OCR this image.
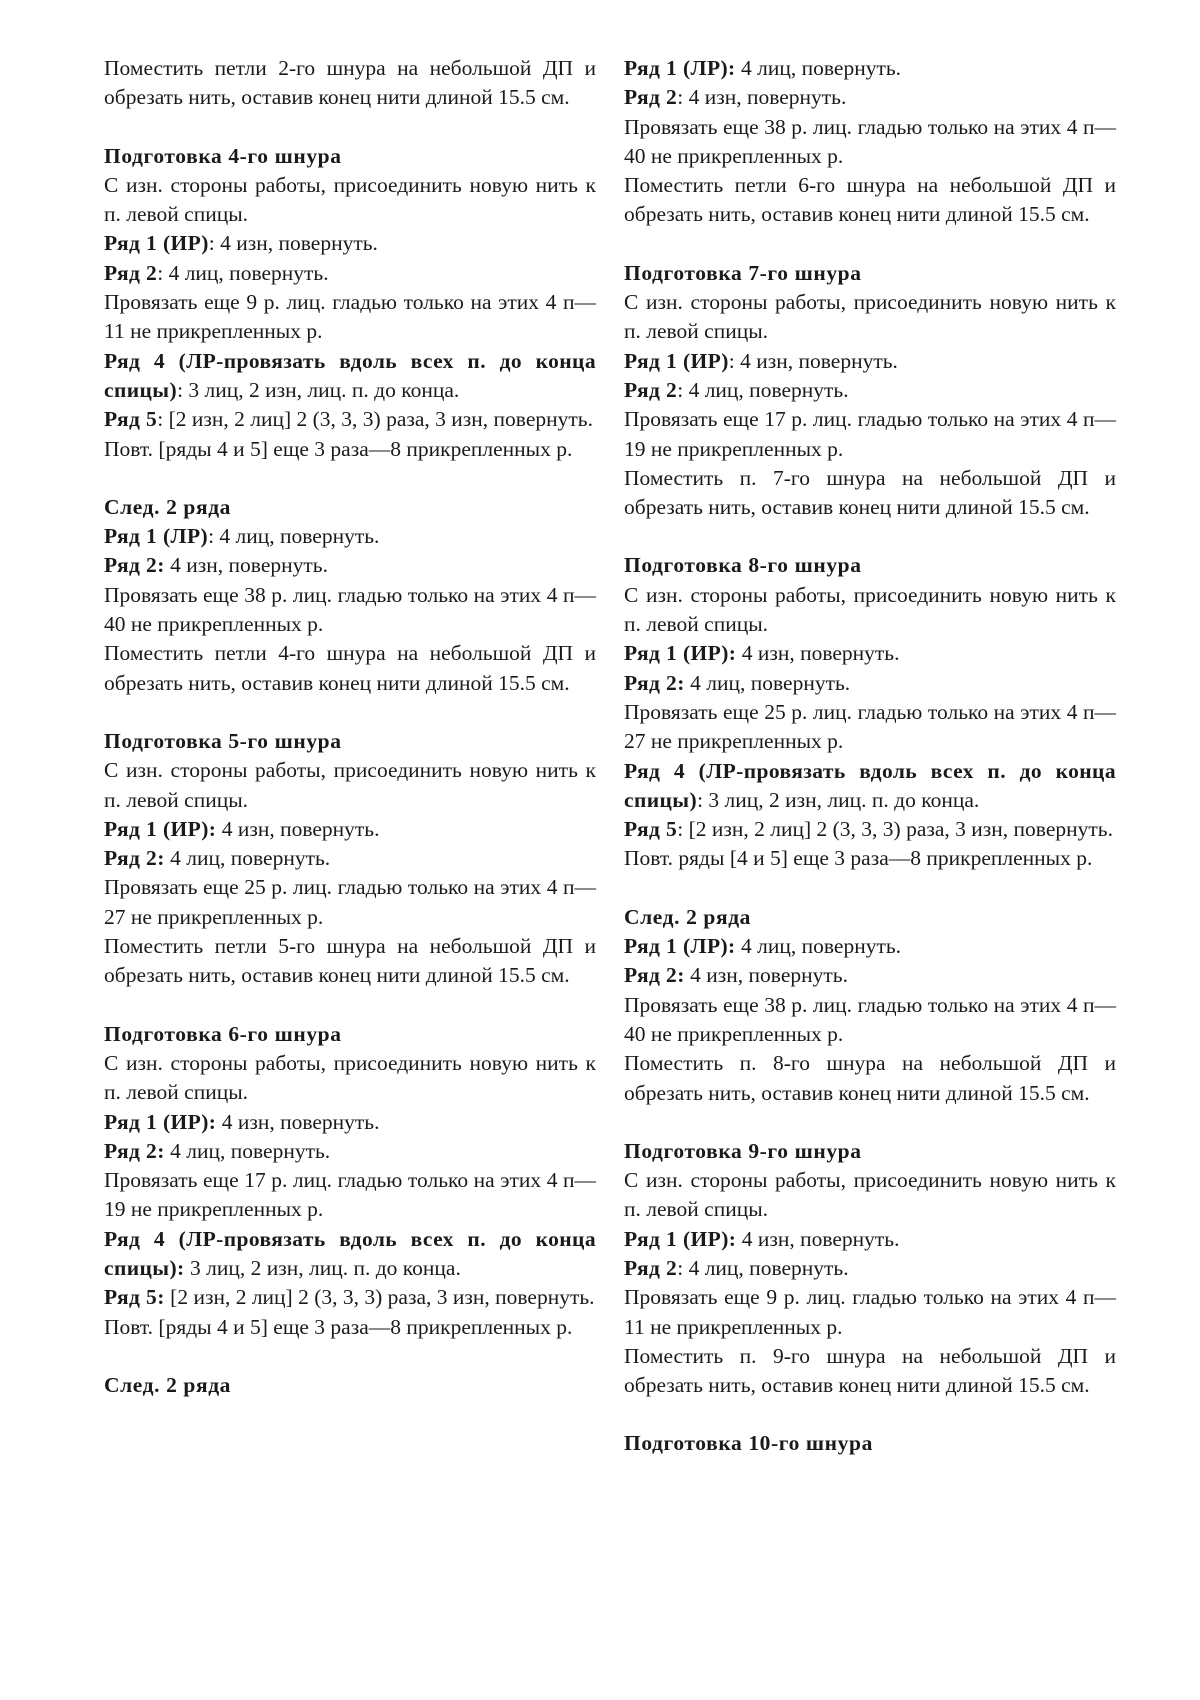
Поместить петли 2-го шнура на небольшой ДП и обрезать нить, оставив конец нити длиной 15.5 см.
Подготовка 4-го шнура
С изн. стороны работы, присоединить новую нить к п. левой спицы.
Ряд 1 (ИР): 4 изн, повернуть.
Ряд 2: 4 лиц, повернуть.
Провязать еще 9 р. лиц. гладью только на этих 4 п— 11 не прикрепленных р.
Ряд 4 (ЛР-провязать вдоль всех п. до конца спицы): 3 лиц, 2 изн, лиц. п. до конца.
Ряд 5: [2 изн, 2 лиц] 2 (3, 3, 3) раза, 3 изн, повернуть.
Повт. [ряды 4 и 5] еще 3 раза—8 прикрепленных р.
След. 2 ряда
Ряд 1 (ЛР): 4 лиц, повернуть.
Ряд 2: 4 изн, повернуть.
Провязать еще 38 р. лиц. гладью только на этих 4 п—40 не прикрепленных р.
Поместить петли 4-го шнура на небольшой ДП и обрезать нить, оставив конец нити длиной 15.5 см.
Подготовка 5-го шнура
С изн. стороны работы, присоединить новую нить к п. левой спицы.
Ряд 1 (ИР): 4 изн, повернуть.
Ряд 2: 4 лиц, повернуть.
Провязать еще 25 р. лиц. гладью только на этих 4 п—27 не прикрепленных р.
Поместить петли 5-го шнура на небольшой ДП и обрезать нить, оставив конец нити длиной 15.5 см.
Подготовка 6-го шнура
С изн. стороны работы, присоединить новую нить к п. левой спицы.
Ряд 1 (ИР): 4 изн, повернуть.
Ряд 2: 4 лиц, повернуть.
Провязать еще 17 р. лиц. гладью только на этих 4 п—19 не прикрепленных р.
Ряд 4 (ЛР-провязать вдоль всех п. до конца спицы): 3 лиц, 2 изн, лиц. п. до конца.
Ряд 5: [2 изн, 2 лиц] 2 (3, 3, 3) раза, 3 изн, повернуть.
Повт. [ряды 4 и 5] еще 3 раза—8 прикрепленных р.
След. 2 ряда
Ряд 1 (ЛР): 4 лиц, повернуть.
Ряд 2: 4 изн, повернуть.
Провязать еще 38 р. лиц. гладью только на этих 4 п—40 не прикрепленных р.
Поместить петли 6-го шнура на небольшой ДП и обрезать нить, оставив конец нити длиной 15.5 см.
Подготовка 7-го шнура
С изн. стороны работы, присоединить новую нить к п. левой спицы.
Ряд 1 (ИР): 4 изн, повернуть.
Ряд 2: 4 лиц, повернуть.
Провязать еще 17 р. лиц. гладью только на этих 4 п—19 не прикрепленных р.
Поместить п. 7-го шнура на небольшой ДП и обрезать нить, оставив конец нити длиной 15.5 см.
Подготовка 8-го шнура
С изн. стороны работы, присоединить новую нить к п. левой спицы.
Ряд 1 (ИР): 4 изн, повернуть.
Ряд 2: 4 лиц, повернуть.
Провязать еще 25 р. лиц. гладью только на этих 4 п—27 не прикрепленных р.
Ряд 4 (ЛР-провязать вдоль всех п. до конца спицы): 3 лиц, 2 изн, лиц. п. до конца.
Ряд 5: [2 изн, 2 лиц] 2 (3, 3, 3) раза, 3 изн, повернуть.
Повт. ряды [4 и 5] еще 3 раза—8 прикрепленных р.
След. 2 ряда
Ряд 1 (ЛР): 4 лиц, повернуть.
Ряд 2: 4 изн, повернуть.
Провязать еще 38 р. лиц. гладью только на этих 4 п—40 не прикрепленных р.
Поместить п. 8-го шнура на небольшой ДП и обрезать нить, оставив конец нити длиной 15.5 см.
Подготовка 9-го шнура
С изн. стороны работы, присоединить новую нить к п. левой спицы.
Ряд 1 (ИР): 4 изн, повернуть.
Ряд 2: 4 лиц, повернуть.
Провязать еще 9 р. лиц. гладью только на этих 4 п— 11 не прикрепленных р.
Поместить п. 9-го шнура на небольшой ДП и обрезать нить, оставив конец нити длиной 15.5 см.
Подготовка 10-го шнура
